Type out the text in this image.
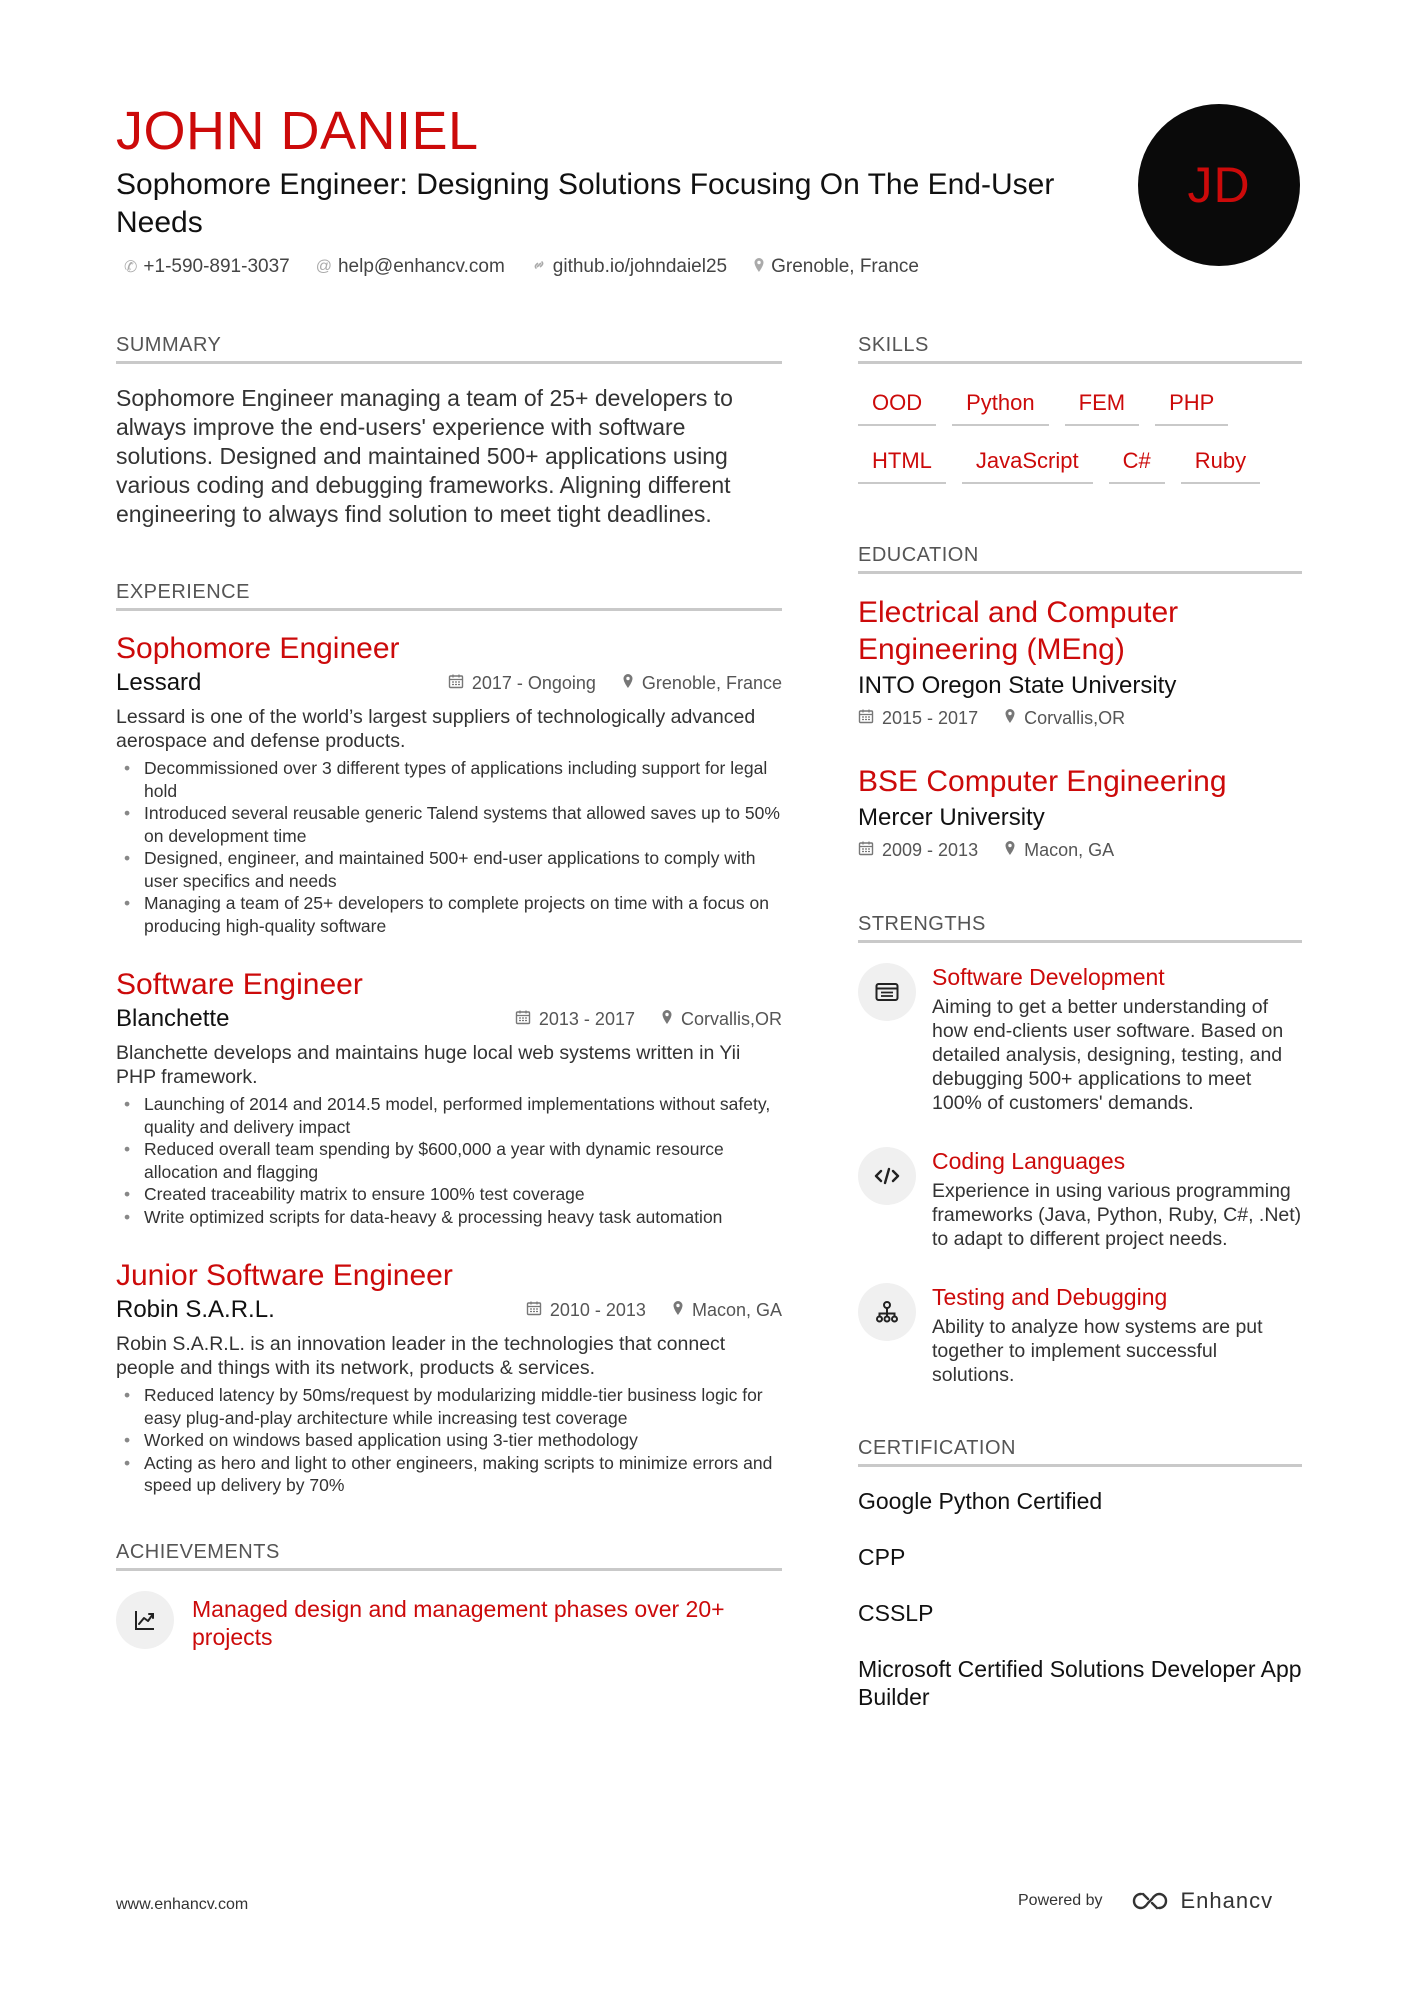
JOHN DANIEL
Sophomore Engineer: Designing Solutions Focusing On The End-User Needs
✆ +1-590-891-3037 @ help@enhancv.com	github.io/johndaiel25 Grenoble, France
JD
SUMMARY

Sophomore Engineer managing a team of 25+ developers to always improve the end-users' experience with software solutions. Designed and maintained 500+ applications using various coding and debugging frameworks. Aligning different engineering to always find solution to meet tight deadlines.

EXPERIENCE
Sophomore Engineer
Lessard	2017 - Ongoing	Grenoble, France
Lessard is one of the world’s largest suppliers of technologically advanced aerospace and defense products.
• Decommissioned over 3 different types of applications including support for legal hold
• Introduced several reusable generic Talend systems that allowed saves up to 50% on development time
• Designed, engineer, and maintained 500+ end-user applications to comply with user specifics and needs
• Managing a team of 25+ developers to complete projects on time with a focus on producing high-quality software
Software Engineer
Blanchette	2013 - 2017	Corvallis,OR
Blanchette develops and maintains huge local web systems written in Yii PHP framework.
• Launching of 2014 and 2014.5 model, performed implementations without safety, quality and delivery impact
• Reduced overall team spending by $600,000 a year with dynamic resource allocation and flagging
• Created traceability matrix to ensure 100% test coverage
• Write optimized scripts for data-heavy & processing heavy task automation
Junior Software Engineer
Robin S.A.R.L.	2010 - 2013	Macon, GA
Robin S.A.R.L. is an innovation leader in the technologies that connect people and things with its network, products & services.
• Reduced latency by 50ms/request by modularizing middle-tier business logic for easy plug-and-play architecture while increasing test coverage
• Worked on windows based application using 3-tier methodology
• Acting as hero and light to other engineers, making scripts to minimize errors and speed up delivery by 70%
ACHIEVEMENTS
Managed design and management phases over 20+ projects
SKILLS
OOD	Python	FEM	PHP
HTML	JavaScript	C#	Ruby
EDUCATION
Electrical and Computer Engineering (MEng)
INTO Oregon State University
2015 - 2017	Corvallis,OR
BSE Computer Engineering
Mercer University
2009 - 2013	Macon, GA
STRENGTHS
Software Development
Aiming to get a better understanding of how end-clients user software. Based on detailed analysis, designing, testing, and debugging 500+ applications to meet 100% of customers' demands.
Coding Languages
Experience in using various programming frameworks (Java, Python, Ruby, C#, .Net) to adapt to different project needs.
Testing and Debugging
Ability to analyze how systems are put together to implement successful solutions.
CERTIFICATION
Google Python Certified
CPP
CSSLP
Microsoft Certified Solutions Developer App Builder
www.enhancv.com	Powered by	Enhancv
